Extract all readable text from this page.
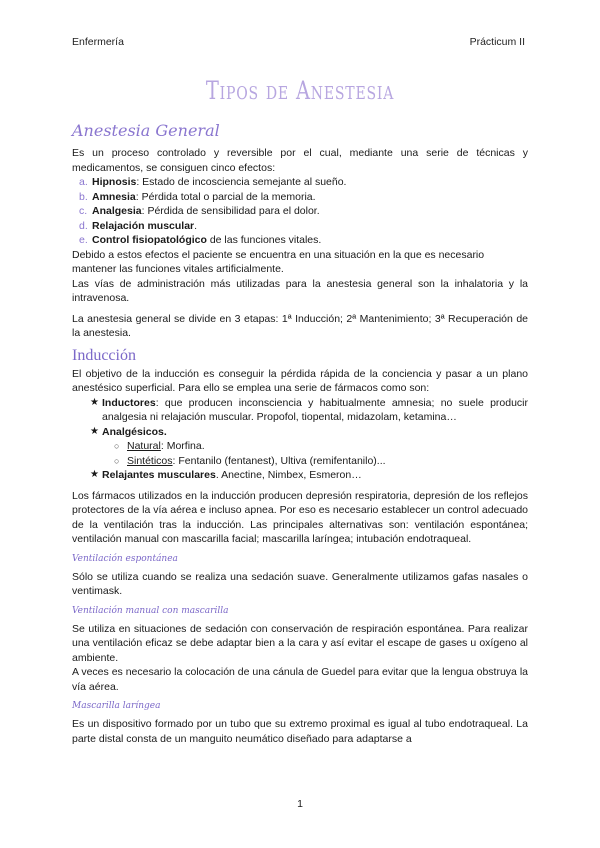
Enfermería	Prácticum II
Tipos de Anestesia
Anestesia General

Es un proceso controlado y reversible por el cual, mediante una serie de técnicas y medicamentos, se consiguen cinco efectos:

a. Hipnosis: Estado de incosciencia semejante al sueño.
b. Amnesia: Pérdida total o parcial de la memoria.
c. Analgesia: Pérdida de sensibilidad para el dolor.
d. Relajación muscular.
e. Control fisiopatológico de las funciones vitales.

Debido a estos efectos el paciente se encuentra en una situación en la que es necesario mantener las funciones vitales artificialmente.

Las vías de administración más utilizadas para la anestesia general son la inhalatoria y la intravenosa.

La anestesia general se divide en 3 etapas: 1ª Inducción; 2ª Mantenimiento; 3ª Recuperación de la anestesia.

Inducción

El objetivo de la inducción es conseguir la pérdida rápida de la conciencia y pasar a un plano anestésico superficial. Para ello se emplea una serie de fármacos como son:

★ Inductores: que producen inconsciencia y habitualmente amnesia; no suele producir analgesia ni relajación muscular. Propofol, tiopental, midazolam, ketamina…
★ Analgésicos.
○ Natural: Morfina.
○ Sintéticos: Fentanilo (fentanest), Ultiva (remifentanilo)...
★ Relajantes musculares. Anectine, Nimbex, Esmeron…

Los fármacos utilizados en la inducción producen depresión respiratoria, depresión de los reflejos protectores de la vía aérea e incluso apnea. Por eso es necesario establecer un control adecuado de la ventilación tras la inducción. Las principales alternativas son: ventilación espontánea; ventilación manual con mascarilla facial; mascarilla laríngea; intubación endotraqueal.

Ventilación espontánea

Sólo se utiliza cuando se realiza una sedación suave. Generalmente utilizamos gafas nasales o ventimask.

Ventilación manual con mascarilla

Se utiliza en situaciones de sedación con conservación de respiración espontánea. Para realizar una ventilación eficaz se debe adaptar bien a la cara y así evitar el escape de gases u oxígeno al ambiente.

A veces es necesario la colocación de una cánula de Guedel para evitar que la lengua obstruya la vía aérea.

Mascarilla laríngea

Es un dispositivo formado por un tubo que su extremo proximal es igual al tubo endotraqueal. La parte distal consta de un manguito neumático diseñado para adaptarse a

1
